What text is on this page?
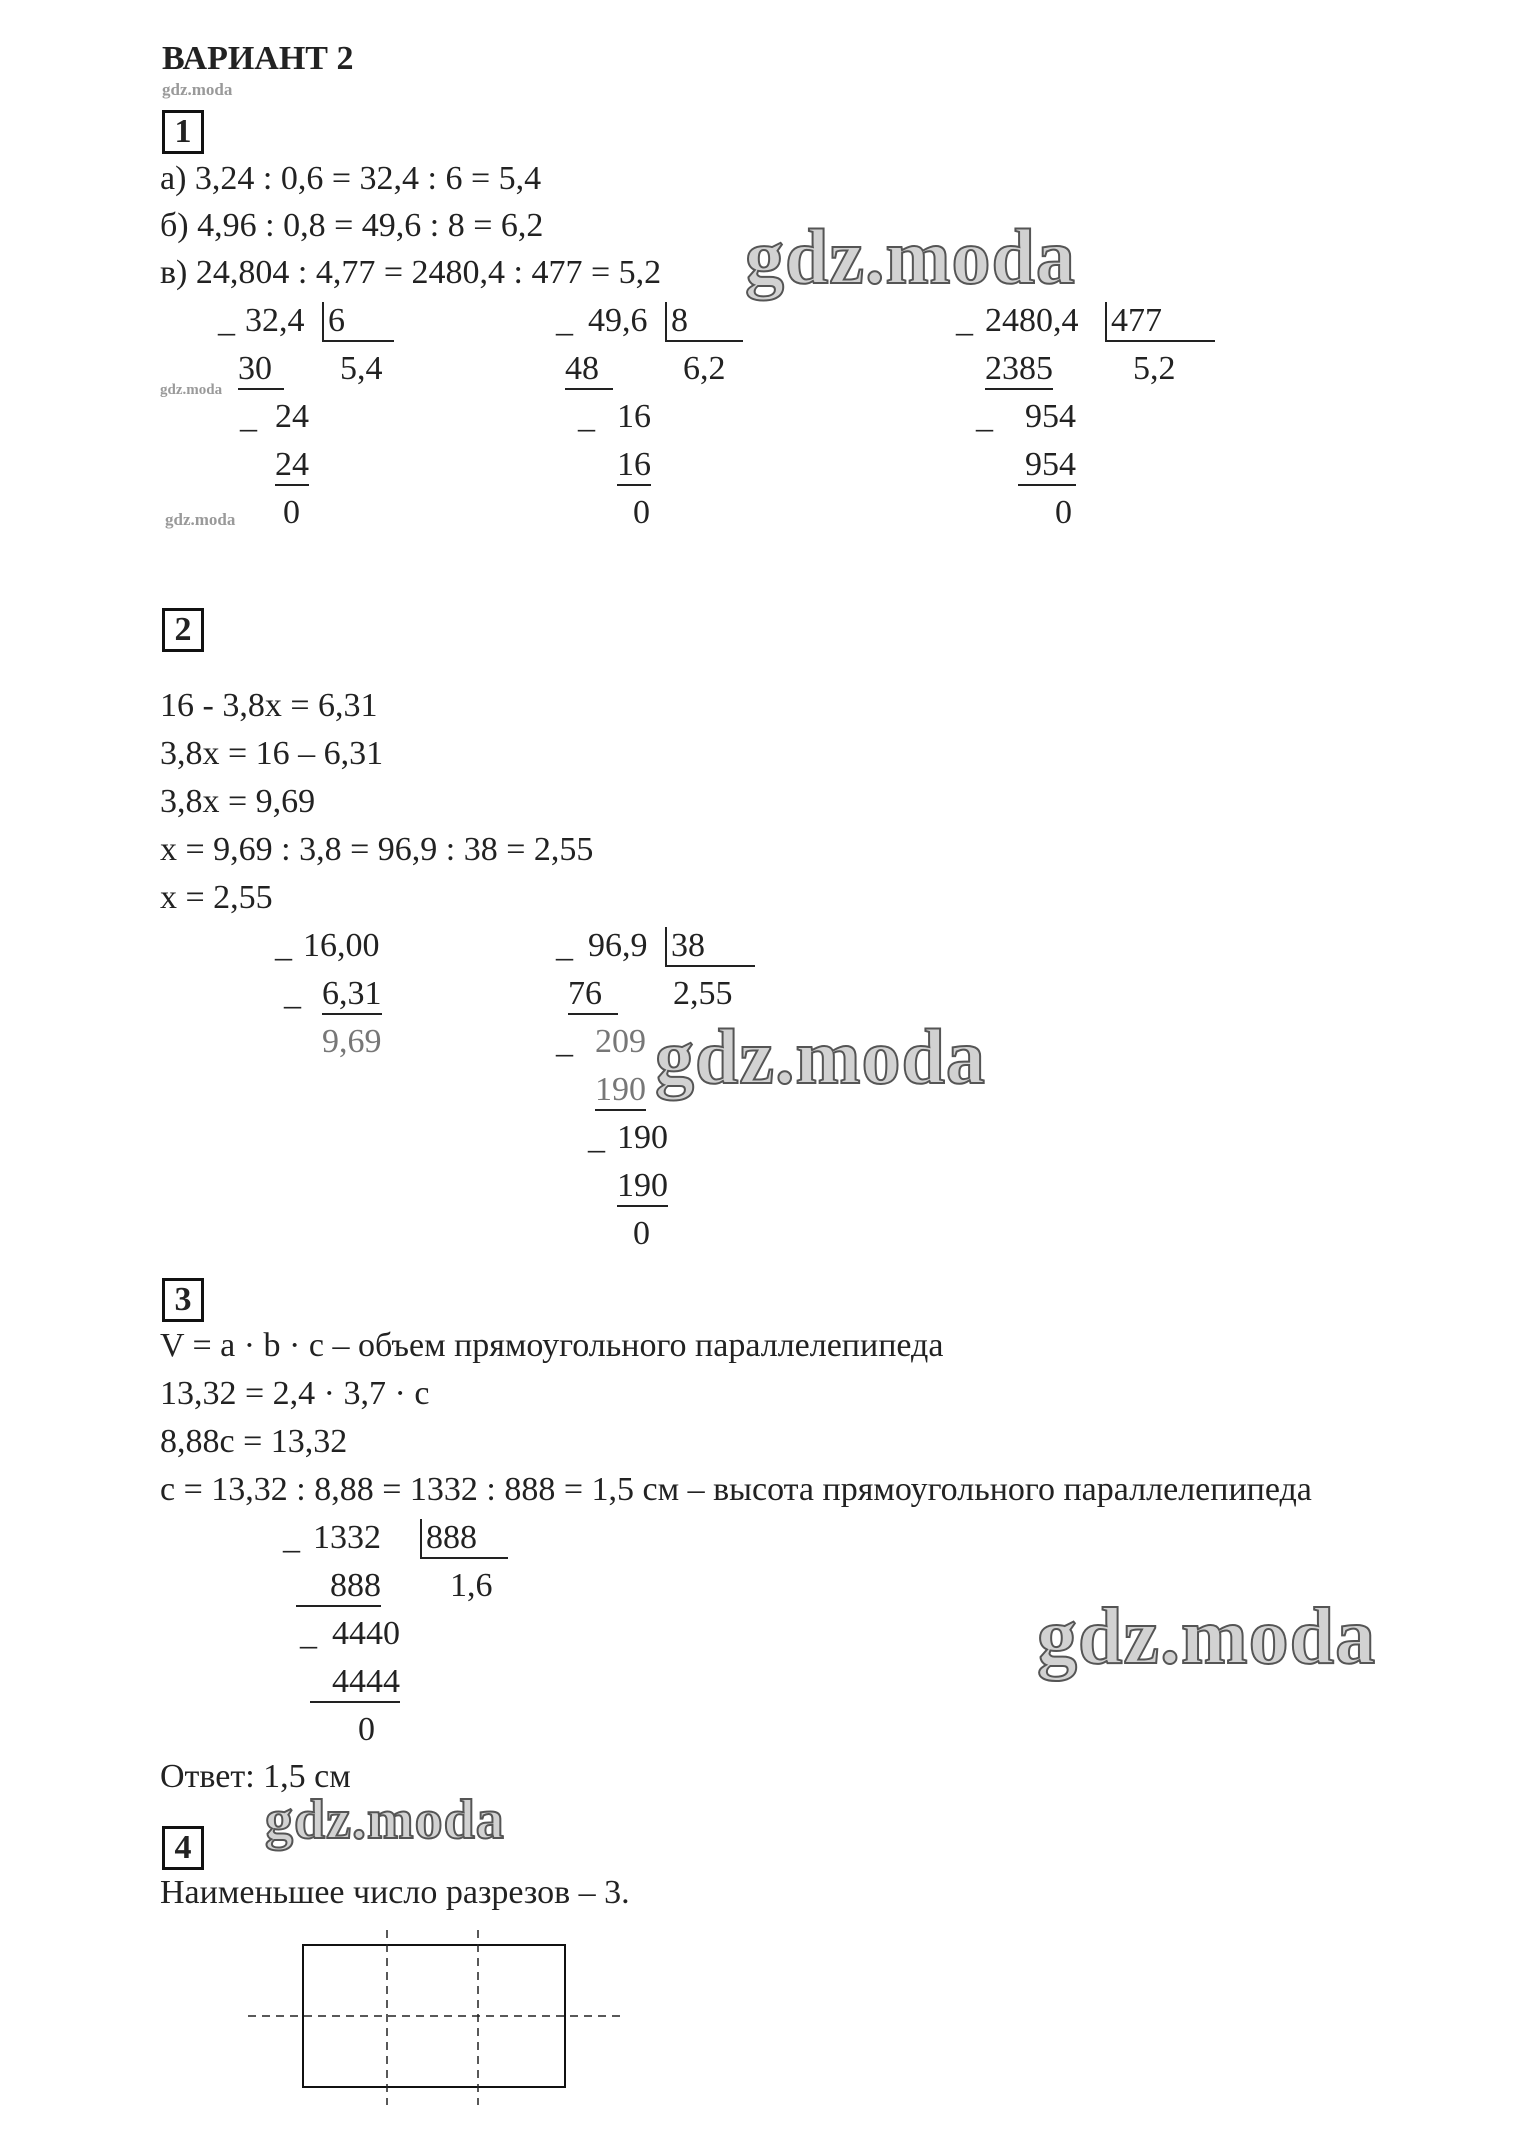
ВАРИАНТ 2
gdz.moda
1
а) 3,24 : 0,6 = 32,4 : 6 = 5,4
б) 4,96 : 0,8 = 49,6 : 8 = 6,2
в) 24,804 : 4,77 = 2480,4 : 477 = 5,2 gdz.moda
_ 32,4 6
5,4
30
_ 24
24
0
gdz.moda
gdz.moda
_ 49,6 8
6,2
48
_ 16
16
0
_ 2480,4 477
5,2
2385
_ 954
954
0
2
16 - 3,8x = 6,31
3,8x = 16 – 6,31
3,8x = 9,69
x = 9,69 : 3,8 = 96,9 : 38 = 2,55
x = 2,55
_ 16,00
_ 6,31
9,69
_ 96,9 38
2,55
76
_ 209
190
_ 190
190
0
gdz.moda
3
V = a · b · c – объем прямоугольного параллелепипеда
13,32 = 2,4 · 3,7 · c
8,88c = 13,32
c = 13,32 : 8,88 = 1332 : 888 = 1,5 см – высота прямоугольного параллелепипеда
_ 1332 888
1,6
888
_ 4440
4444
0
gdz.moda
Ответ: 1,5 см
gdz.moda
4
Наименьшее число разрезов – 3.
